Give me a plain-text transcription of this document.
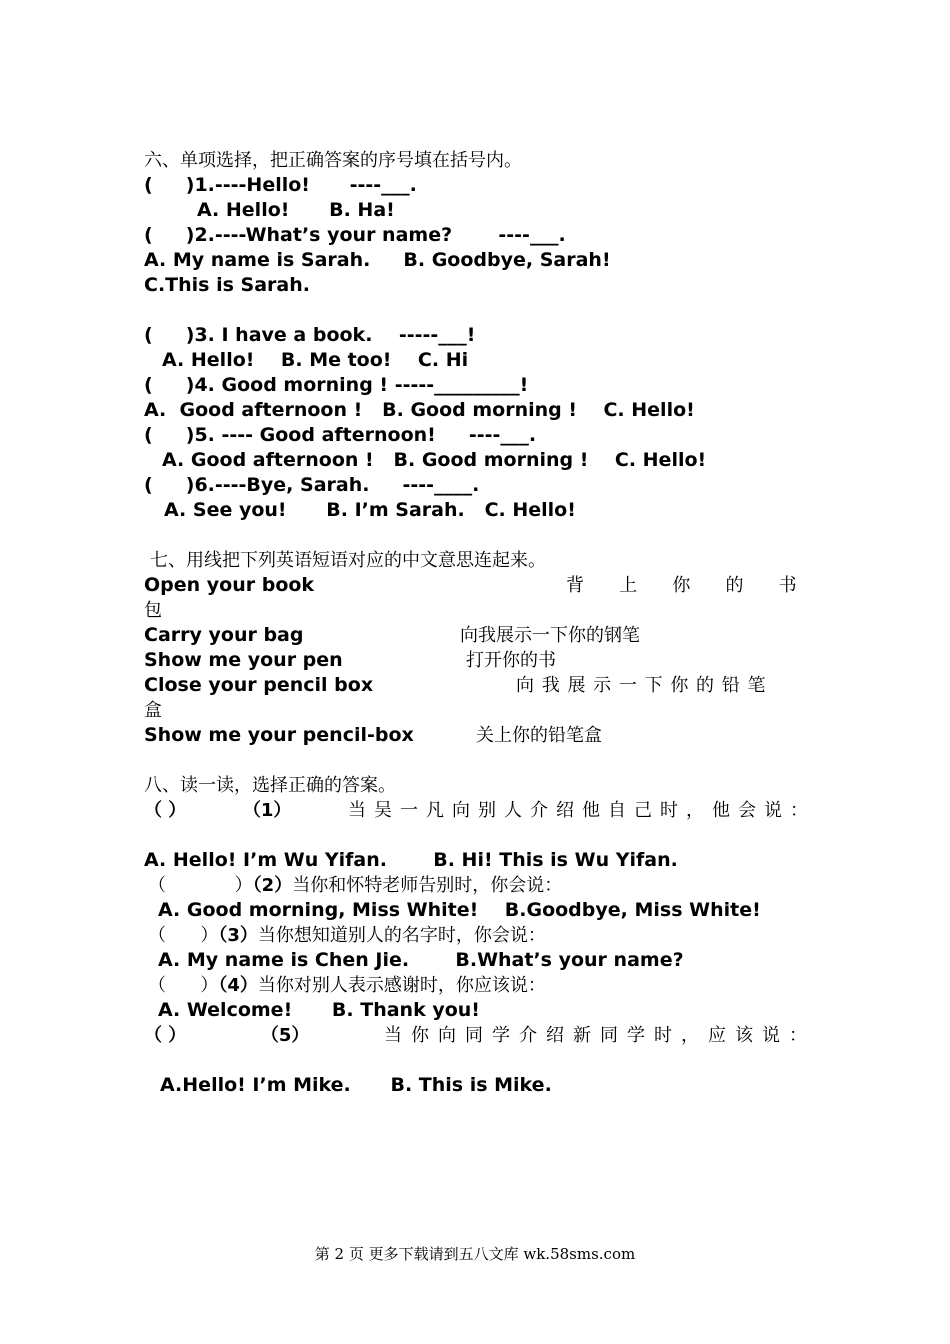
六、单项选择，把正确答案的序号填在括号内。
(     )1.----Hello!      ----___.
A. Hello!      B. Ha!
(     )2.----What’s your name?       ----___.
A. My name is Sarah.     B. Goodbye, Sarah!
C.This is Sarah.
(     )3. I have a book.    -----___!
A. Hello!    B. Me too!    C. Hi
(     )4. Good morning ! -----_________!
A.  Good afternoon !   B. Good morning !    C. Hello!
(     )5. ---- Good afternoon!     ----___.
A. Good afternoon !   B. Good morning !    C. Hello!
(     )6.----Bye, Sarah.     ----____.
A. See you!      B. I’m Sarah.   C. Hello!
七、用线把下列英语短语对应的中文意思连起来。
Open your book	背   上   你   的   书
包
Carry your bag	向我展示一下你的钢笔
Show me your pen	打开你的书
Close your pencil box	向 我 展 示 一 下 你 的 铅 笔
盒
Show me your pencil-box	关上你的铅笔盒
八、读一读，选择正确的答案。
（ ）	（1）	当吴一凡向别人介绍他自己时，他会说：
A. Hello! I’m Wu Yifan.       B. Hi! This is Wu Yifan.
（            ）（2）当你和怀特老师告别时，你会说：
A. Good morning, Miss White!    B.Goodbye, Miss White!
（      ）（3）当你想知道别人的名字时，你会说：
A. My name is Chen Jie.       B.What’s your name?
（      ）（4）当你对别人表示感谢时，你应该说：
A. Welcome!      B. Thank you!
（ ）	（5）	当你向同学介绍新同学时，应该说：
A.Hello! I’m Mike.      B. This is Mike.
第 2 页 更多下载请到五八文库 wk.58sms.com
